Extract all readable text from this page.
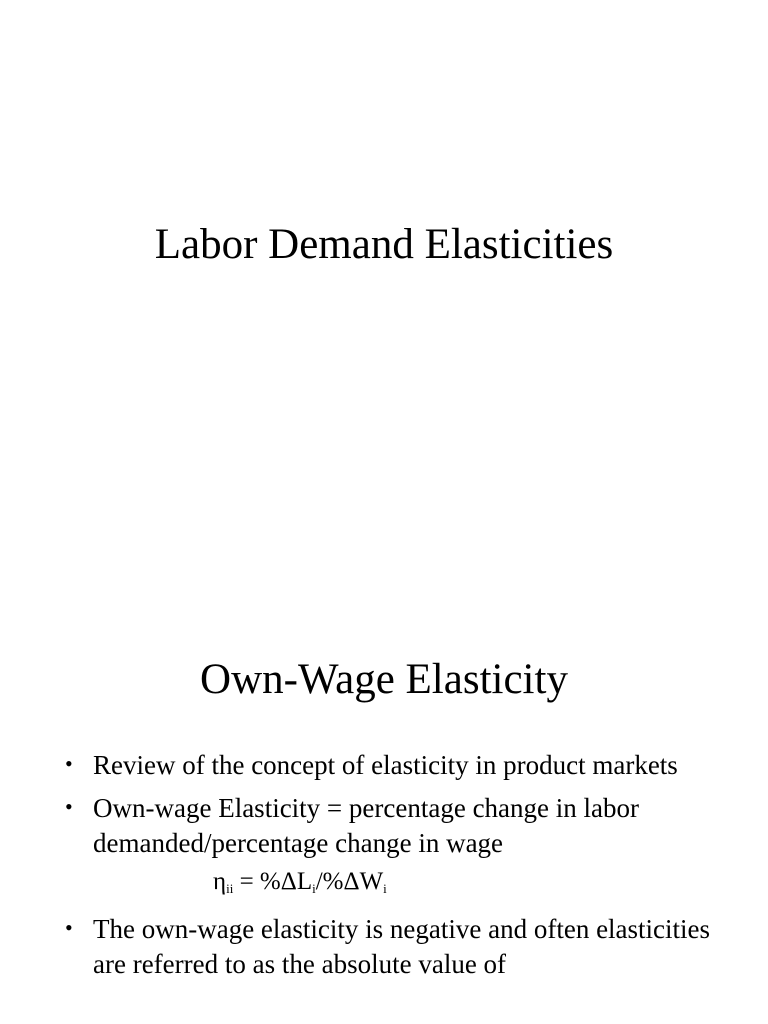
Labor Demand Elasticities
Own-Wage Elasticity
• Review of the concept of elasticity in product markets
• Own-wage Elasticity = percentage change in labor demanded/percentage change in wage
$\eta_{ii} = \%\Delta L_i/\%\Delta W_i$
• The own-wage elasticity is negative and often elasticities are referred to as the absolute value of
